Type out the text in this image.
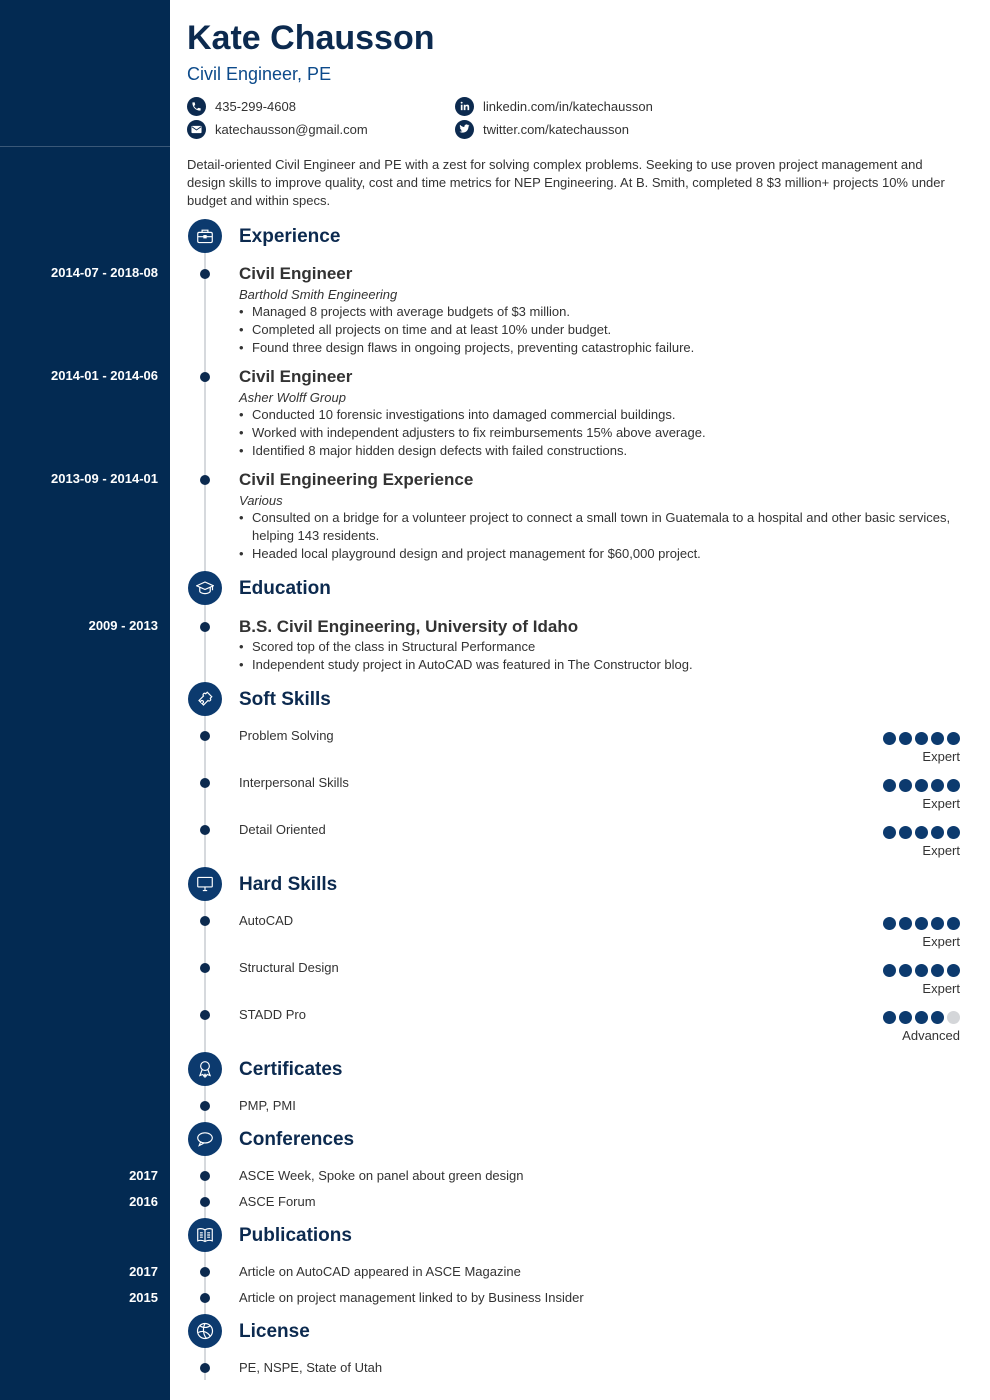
Kate Chausson
Civil Engineer, PE
435-299-4608
katechausson@gmail.com
linkedin.com/in/katechausson
twitter.com/katechausson
Detail-oriented Civil Engineer and PE with a zest for solving complex problems. Seeking to use proven project management and design skills to improve quality, cost and time metrics for NEP Engineering. At B. Smith, completed 8 $3 million+ projects 10% under budget and within specs.
Experience
2014-07 - 2018-08	Civil Engineer
Barthold Smith Engineering
• Managed 8 projects with average budgets of $3 million.
• Completed all projects on time and at least 10% under budget.
• Found three design flaws in ongoing projects, preventing catastrophic failure.
2014-01 - 2014-06	Civil Engineer
Asher Wolff Group
• Conducted 10 forensic investigations into damaged commercial buildings.
• Worked with independent adjusters to fix reimbursements 15% above average.
• Identified 8 major hidden design defects with failed constructions.
2013-09 - 2014-01	Civil Engineering Experience
Various
• Consulted on a bridge for a volunteer project to connect a small town in Guatemala to a hospital and other basic services, helping 143 residents.
• Headed local playground design and project management for $60,000 project.
Education
2009 - 2013	B.S. Civil Engineering, University of Idaho
• Scored top of the class in Structural Performance
• Independent study project in AutoCAD was featured in The Constructor blog.
Soft Skills
Problem Solving
Expert
Interpersonal Skills
Expert
Detail Oriented
Expert
Hard Skills
AutoCAD
Expert
Structural Design
Expert
STADD Pro
Advanced
Certificates
PMP, PMI
Conferences
2017	ASCE Week, Spoke on panel about green design
2016	ASCE Forum
Publications
2017	Article on AutoCAD appeared in ASCE Magazine
2015	Article on project management linked to by Business Insider
License
PE, NSPE, State of Utah
